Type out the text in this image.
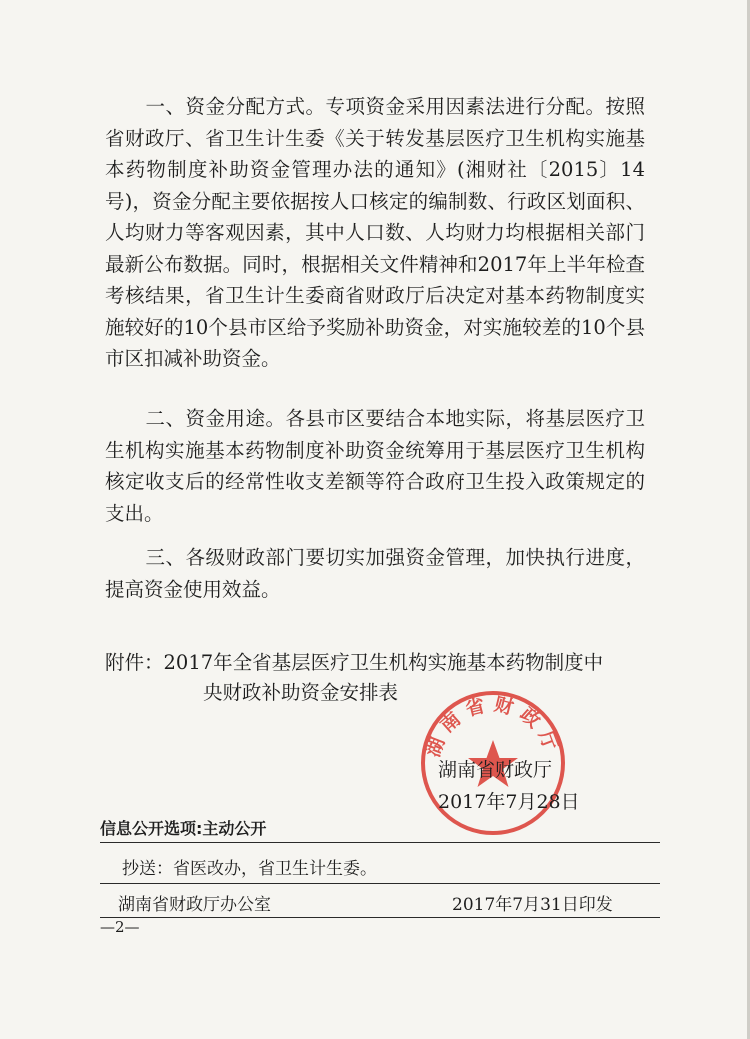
一、资金分配方式。专项资金采用因素法进行分配。按照省财政厅、省卫生计生委《关于转发基层医疗卫生机构实施基本药物制度补助资金管理办法的通知》(湘财社〔2015〕14号)，资金分配主要依据按人口核定的编制数、行政区划面积、人均财力等客观因素，其中人口数、人均财力均根据相关部门最新公布数据。同时，根据相关文件精神和2017年上半年检查考核结果，省卫生计生委商省财政厅后决定对基本药物制度实施较好的10个县市区给予奖励补助资金，对实施较差的10个县市区扣减补助资金。

二、资金用途。各县市区要结合本地实际，将基层医疗卫生机构实施基本药物制度补助资金统筹用于基层医疗卫生机构核定收支后的经常性收支差额等符合政府卫生投入政策规定的支出。

三、各级财政部门要切实加强资金管理，加快执行进度，提高资金使用效益。

附件：2017年全省基层医疗卫生机构实施基本药物制度中
央财政补助资金安排表
湖南省财政厅
湖南省财政厅
2017年7月28日
信息公开选项:主动公开
抄送：省医改办，省卫生计生委。
湖南省财政厅办公室	2017年7月31日印发
—2—
